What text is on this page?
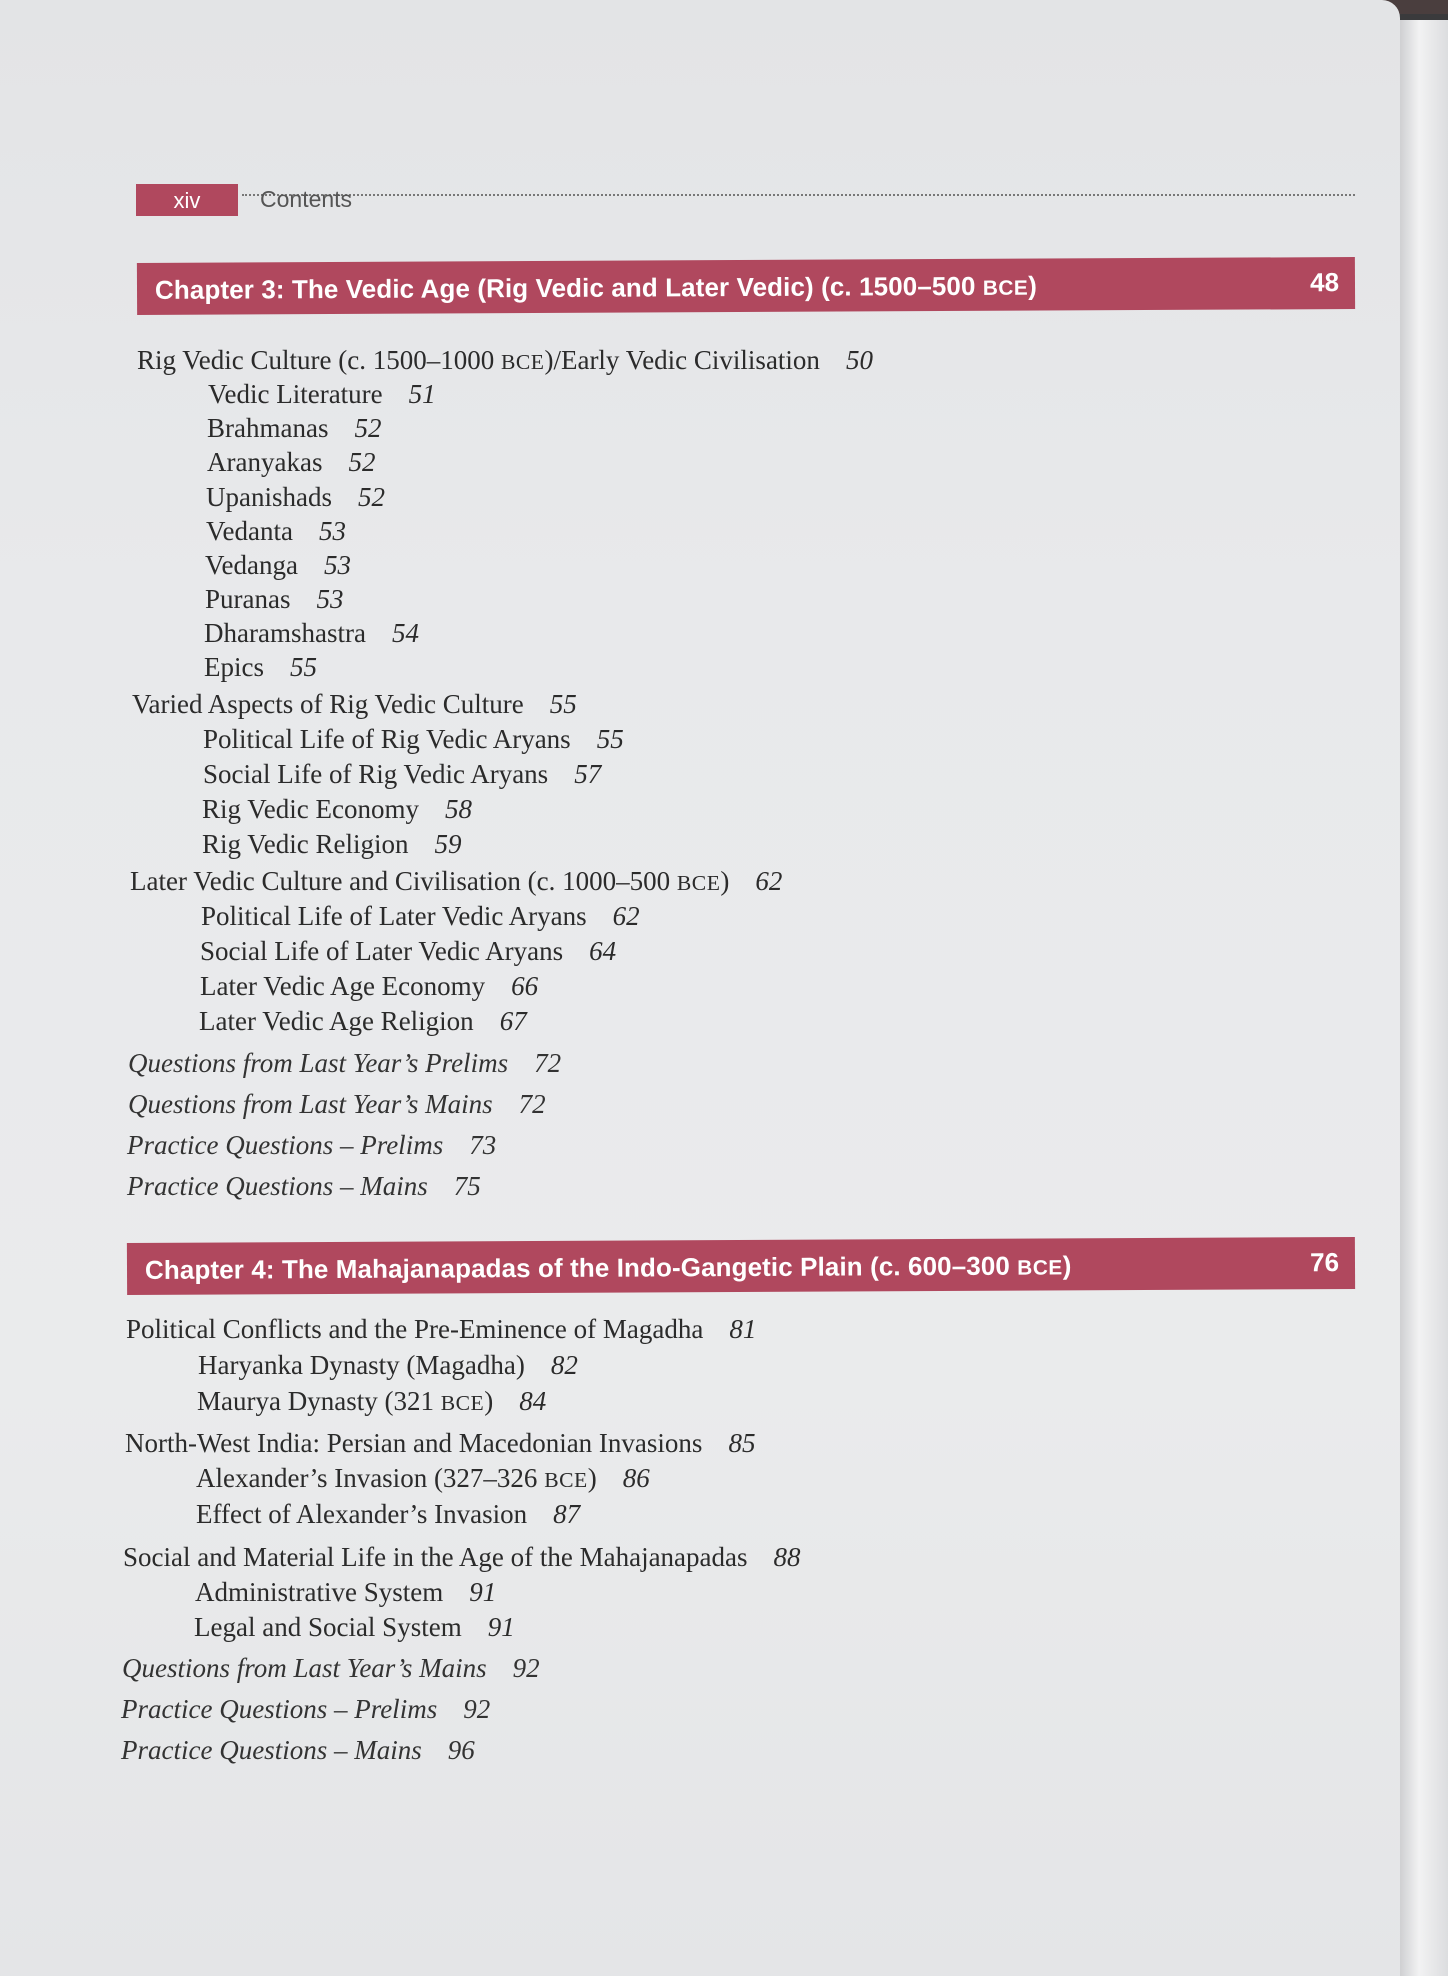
xiv	Contents
Chapter 3: The Vedic Age (Rig Vedic and Later Vedic) (c. 1500–500 BCE)	48
Rig Vedic Culture (c. 1500–1000 BCE)/Early Vedic Civilisation 50
Vedic Literature 51
Brahmanas 52
Aranyakas 52
Upanishads 52
Vedanta 53
Vedanga 53
Puranas 53
Dharamshastra 54
Epics 55
Varied Aspects of Rig Vedic Culture 55
Political Life of Rig Vedic Aryans 55
Social Life of Rig Vedic Aryans 57
Rig Vedic Economy 58
Rig Vedic Religion 59
Later Vedic Culture and Civilisation (c. 1000–500 BCE) 62
Political Life of Later Vedic Aryans 62
Social Life of Later Vedic Aryans 64
Later Vedic Age Economy 66
Later Vedic Age Religion 67
Questions from Last Year’s Prelims 72
Questions from Last Year’s Mains 72
Practice Questions – Prelims 73
Practice Questions – Mains 75
Chapter 4: The Mahajanapadas of the Indo-Gangetic Plain (c. 600–300 BCE)	76
Political Conflicts and the Pre-Eminence of Magadha 81
Haryanka Dynasty (Magadha) 82
Maurya Dynasty (321 BCE) 84
North-West India: Persian and Macedonian Invasions 85
Alexander’s Invasion (327–326 BCE) 86
Effect of Alexander’s Invasion 87
Social and Material Life in the Age of the Mahajanapadas 88
Administrative System 91
Legal and Social System 91
Questions from Last Year’s Mains 92
Practice Questions – Prelims 92
Practice Questions – Mains 96
